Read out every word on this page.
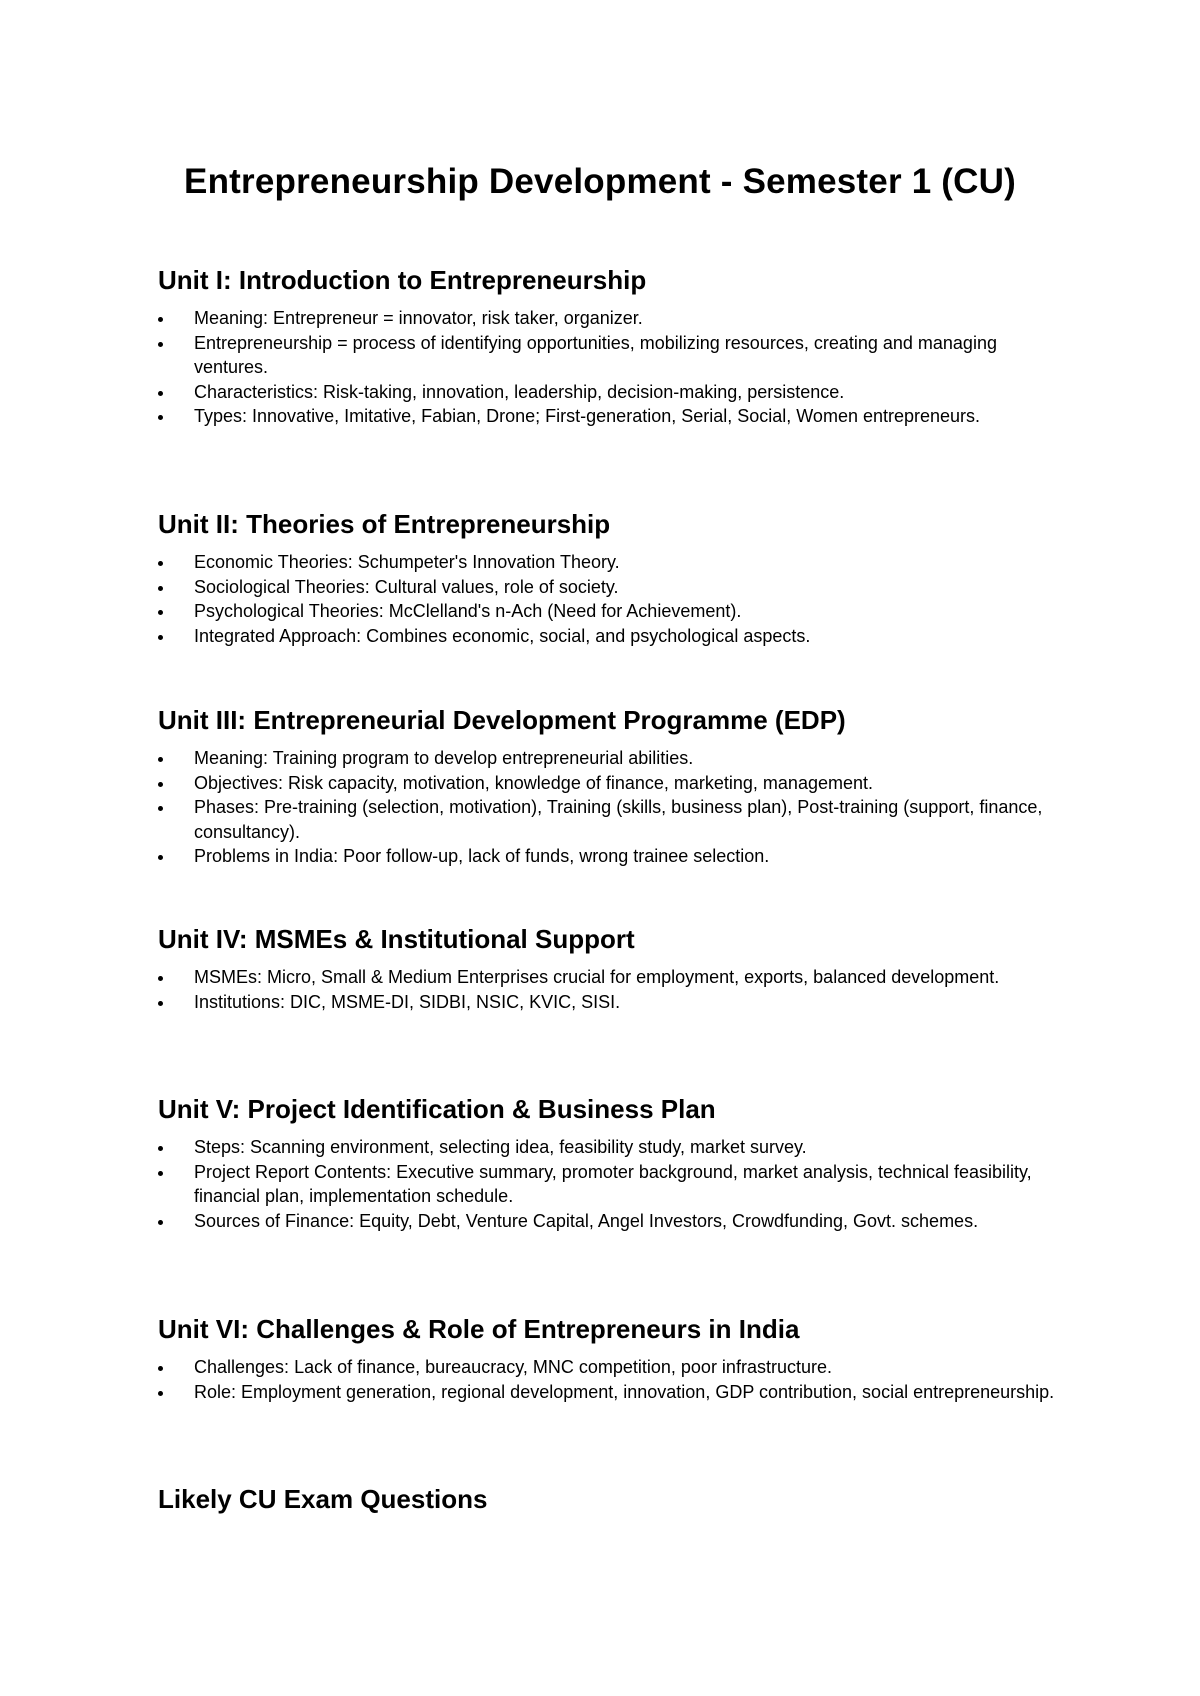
Entrepreneurship Development - Semester 1 (CU)
Unit I: Introduction to Entrepreneurship
Meaning: Entrepreneur = innovator, risk taker, organizer.
Entrepreneurship = process of identifying opportunities, mobilizing resources, creating and managing ventures.
Characteristics: Risk-taking, innovation, leadership, decision-making, persistence.
Types: Innovative, Imitative, Fabian, Drone; First-generation, Serial, Social, Women entrepreneurs.
Unit II: Theories of Entrepreneurship
Economic Theories: Schumpeter's Innovation Theory.
Sociological Theories: Cultural values, role of society.
Psychological Theories: McClelland's n-Ach (Need for Achievement).
Integrated Approach: Combines economic, social, and psychological aspects.
Unit III: Entrepreneurial Development Programme (EDP)
Meaning: Training program to develop entrepreneurial abilities.
Objectives: Risk capacity, motivation, knowledge of finance, marketing, management.
Phases: Pre-training (selection, motivation), Training (skills, business plan), Post-training (support, finance, consultancy).
Problems in India: Poor follow-up, lack of funds, wrong trainee selection.
Unit IV: MSMEs & Institutional Support
MSMEs: Micro, Small & Medium Enterprises crucial for employment, exports, balanced development.
Institutions: DIC, MSME-DI, SIDBI, NSIC, KVIC, SISI.
Unit V: Project Identification & Business Plan
Steps: Scanning environment, selecting idea, feasibility study, market survey.
Project Report Contents: Executive summary, promoter background, market analysis, technical feasibility, financial plan, implementation schedule.
Sources of Finance: Equity, Debt, Venture Capital, Angel Investors, Crowdfunding, Govt. schemes.
Unit VI: Challenges & Role of Entrepreneurs in India
Challenges: Lack of finance, bureaucracy, MNC competition, poor infrastructure.
Role: Employment generation, regional development, innovation, GDP contribution, social entrepreneurship.
Likely CU Exam Questions
